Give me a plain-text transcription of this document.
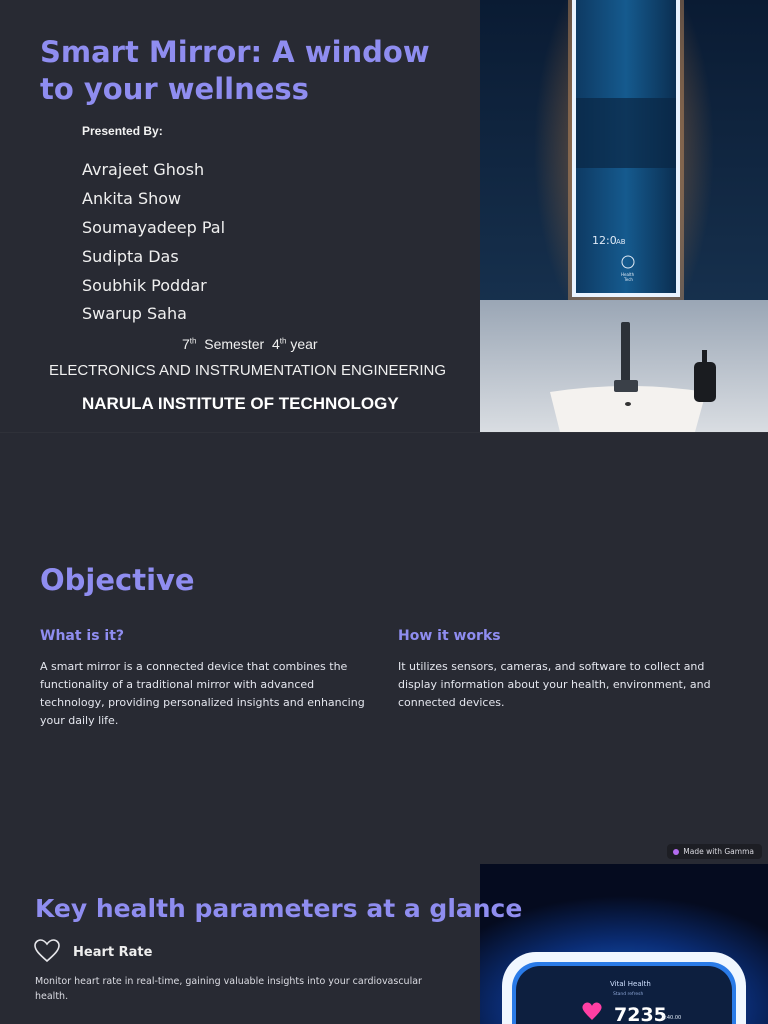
Smart Mirror: A window to your wellness
Presented By:
Avrajeet Ghosh
Ankita Show
Soumayadeep Pal
Sudipta Das
Soubhik Poddar
Swarup Saha
7th Semester 4th year
ELECTRONICS AND INSTRUMENTATION ENGINEERING
NARULA INSTITUTE OF TECHNOLOGY
12:0 AB
Health
Tech
Objective
What is it?
A smart mirror is a connected device that combines the functionality of a traditional mirror with advanced technology, providing personalized insights and enhancing your daily life.
How it works
It utilizes sensors, cameras, and software to collect and display information about your health, environment, and connected devices.
Made with Gamma
Vital Health
Stand refresh
7235
2:40.00
Key health parameters at a glance
Heart Rate
Monitor heart rate in real-time, gaining valuable insights into your cardiovascular health.
